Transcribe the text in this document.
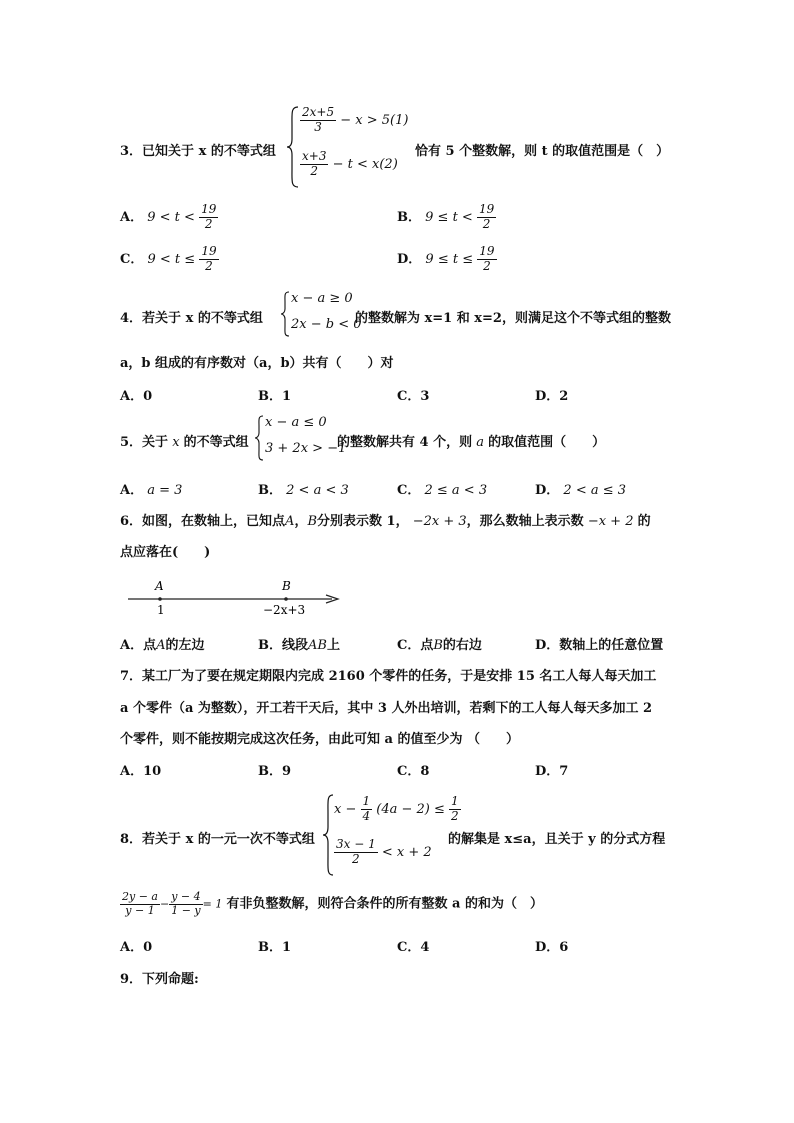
3．已知关于 x 的不等式组
$\frac{2x+5}{3} - x > 5(1)$
$\frac{x+3}{2} - t < x(2)$
恰有 5 个整数解，则 t 的取值范围是（　）
A． $9 < t < \frac{19}{2}$	B． $9 \le t < \frac{19}{2}$
C． $9 < t \le \frac{19}{2}$	D． $9 \le t \le \frac{19}{2}$
4．若关于 x 的不等式组
x − a ≥ 0
2x − b < 0
的整数解为 x=1 和 x=2，则满足这个不等式组的整数
a，b 组成的有序数对（a，b）共有（　　）对
A．0	B．1	C．3	D．2
5．关于 x 的不等式组
x − a ≤ 0
3 + 2x > −1
的整数解共有 4 个，则 a 的取值范围（　　）
A． a = 3	B． 2 < a < 3	C． 2 ≤ a < 3	D． 2 < a ≤ 3
6．如图，在数轴上，已知点A，B分别表示数 1， −2x + 3，那么数轴上表示数 −x + 2 的
点应落在(　　)
A	B
1	−2x+3
A．点A的左边	B．线段AB上	C．点B的右边	D．数轴上的任意位置
7．某工厂为了要在规定期限内完成 2160 个零件的任务，于是安排 15 名工人每人每天加工
a 个零件（a 为整数），开工若干天后，其中 3 人外出培训，若剩下的工人每人每天多加工 2
个零件，则不能按期完成这次任务，由此可知 a 的值至少为 （　　）
A．10	B．9	C．8	D．7
8．若关于 x 的一元一次不等式组
$x - \frac{1}{4} (4a - 2) \le \frac{1}{2}$
$\frac{3x - 1}{2} < x + 2$
的解集是 x≤a，且关于 y 的分式方程
$\frac{2y - a}{y - 1} - \frac{y - 4}{1 - y} = 1$ 有非负整数解，则符合条件的所有整数 a 的和为（　）
A．0	B．1	C．4	D．6
9．下列命题:
